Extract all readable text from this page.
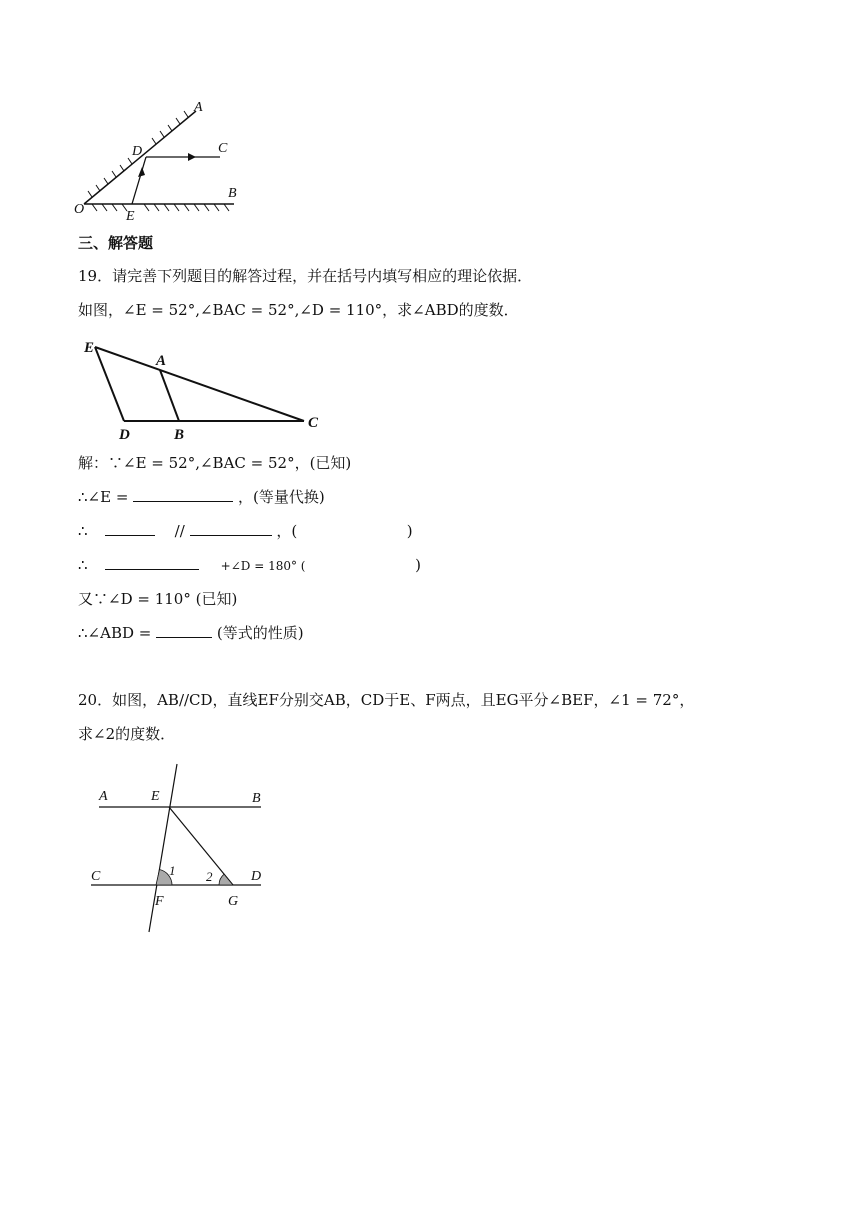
A
C
D
B
O	E
三、解答题
19．请完善下列题目的解答过程，并在括号内填写相应的理论依据．
如图，∠E = 52°,∠BAC = 52°,∠D = 110°，求∠ABD的度数．
E
A
C
D	B
解：∵∠E = 52°,∠BAC = 52°，(已知)
∴∠E =	，(等量代换)
∴	//	，(	)
∴	+∠D = 180° (	)
又∵∠D = 110° (已知)
∴∠ABD =	(等式的性质)
20．如图，AB//CD，直线EF分别交AB，CD于E、F两点，且EG平分∠BEF，∠1 = 72°，
求∠2的度数．
A	E	B
C	1 2	D
F	G
